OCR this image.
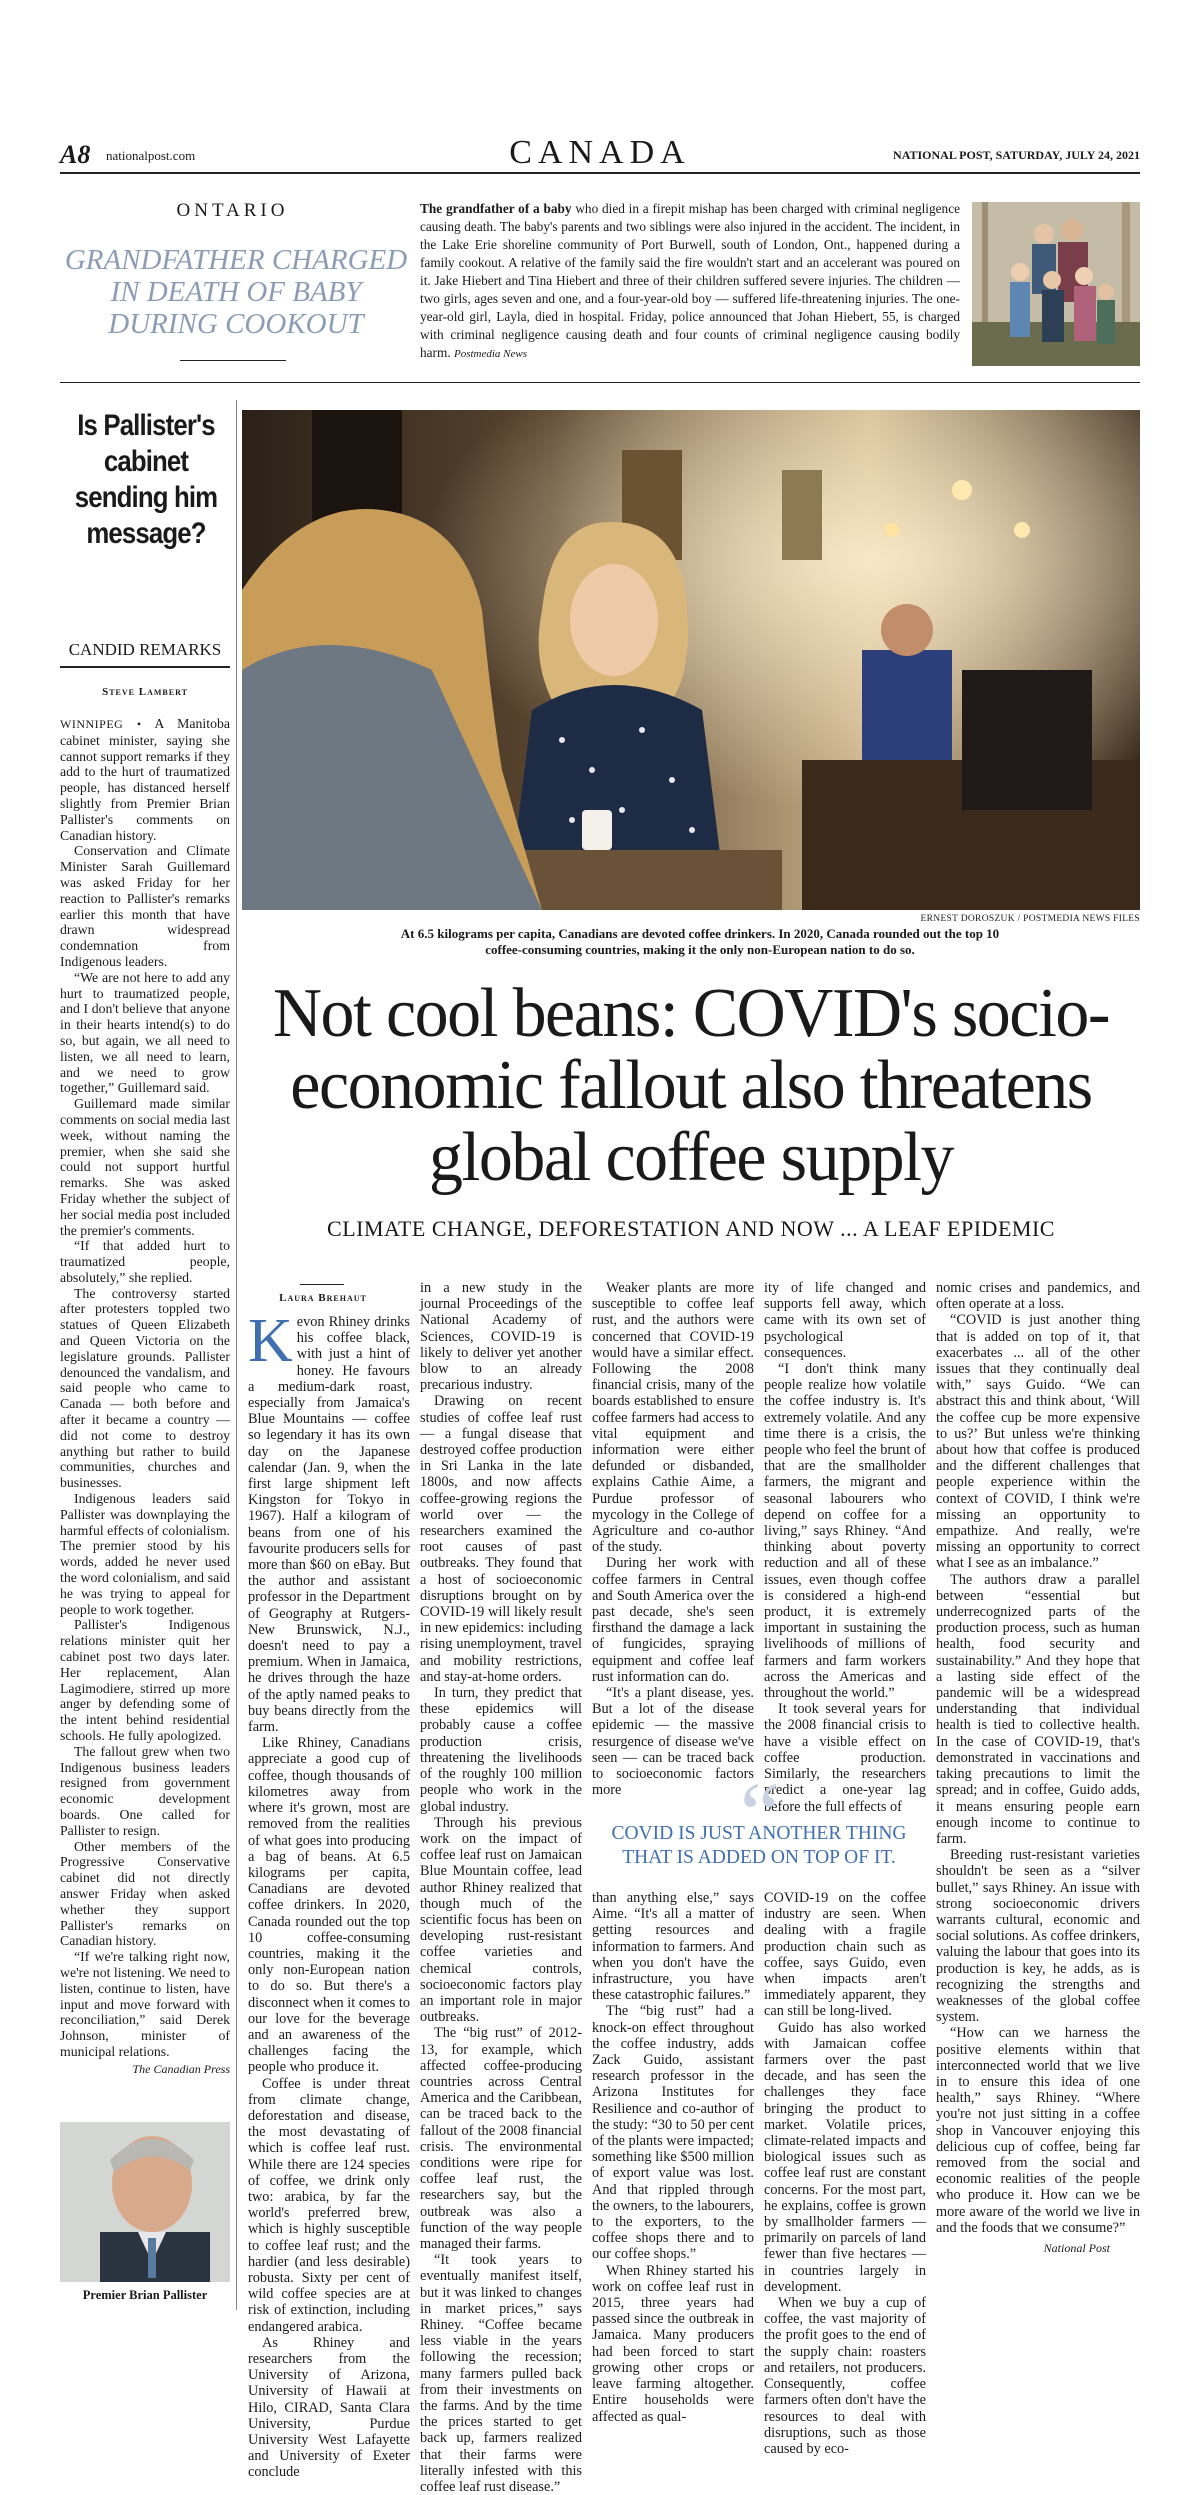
A8 nationalpost.com	CANADA	NATIONAL POST, SATURDAY, JULY 24, 2021
ONTARIO
GRANDFATHER CHARGED IN DEATH OF BABY DURING COOKOUT
The grandfather of a baby who died in a firepit mishap has been charged with criminal negligence causing death. The baby's parents and two siblings were also injured in the accident. The incident, in the Lake Erie shoreline community of Port Burwell, south of London, Ont., happened during a family cookout. A relative of the family said the fire wouldn't start and an accelerant was poured on it. Jake Hiebert and Tina Hiebert and three of their children suffered severe injuries. The children — two girls, ages seven and one, and a four-year-old boy — suffered life-threatening injuries. The one-year-old girl, Layla, died in hospital. Friday, police announced that Johan Hiebert, 55, is charged with criminal negligence causing death and four counts of criminal negligence causing bodily harm. Postmedia News
Is Pallister's cabinet sending him message?
CANDID REMARKS
Steve Lambert

WINNIPEG • A Manitoba cabinet minister, saying she cannot support remarks if they add to the hurt of traumatized people, has distanced herself slightly from Premier Brian Pallister's comments on Canadian history.

Conservation and Climate Minister Sarah Guillemard was asked Friday for her reaction to Pallister's remarks earlier this month that have drawn widespread condemnation from Indigenous leaders.

“We are not here to add any hurt to traumatized people, and I don't believe that anyone in their hearts intend(s) to do so, but again, we all need to listen, we all need to learn, and we need to grow together,” Guillemard said.

Guillemard made similar comments on social media last week, without naming the premier, when she said she could not support hurtful remarks. She was asked Friday whether the subject of her social media post included the premier's comments.

“If that added hurt to traumatized people, absolutely,” she replied.

The controversy started after protesters toppled two statues of Queen Elizabeth and Queen Victoria on the legislature grounds. Pallister denounced the vandalism, and said people who came to Canada — both before and after it became a country — did not come to destroy anything but rather to build communities, churches and businesses.

Indigenous leaders said Pallister was downplaying the harmful effects of colonialism. The premier stood by his words, added he never used the word colonialism, and said he was trying to appeal for people to work together.

Pallister's Indigenous relations minister quit her cabinet post two days later. Her replacement, Alan Lagimodiere, stirred up more anger by defending some of the intent behind residential schools. He fully apologized.

The fallout grew when two Indigenous business leaders resigned from government economic development boards. One called for Pallister to resign.

Other members of the Progressive Conservative cabinet did not directly answer Friday when asked whether they support Pallister's remarks on Canadian history.

“If we're talking right now, we're not listening. We need to listen, continue to listen, have input and move forward with reconciliation,” said Derek Johnson, minister of municipal relations.

The Canadian Press

Premier Brian Pallister
ERNEST DOROSZUK / POSTMEDIA NEWS FILES
At 6.5 kilograms per capita, Canadians are devoted coffee drinkers. In 2020, Canada rounded out the top 10 coffee-consuming countries, making it the only non-European nation to do so.
Not cool beans: COVID's socio-economic fallout also threatens global coffee supply
CLIMATE CHANGE, DEFORESTATION AND NOW ... A LEAF EPIDEMIC
Laura Brehaut

Kevon Rhiney drinks his coffee black, with just a hint of honey. He favours a medium-dark roast, especially from Jamaica's Blue Mountains — coffee so legendary it has its own day on the Japanese calendar (Jan. 9, when the first large shipment left Kingston for Tokyo in 1967). Half a kilogram of beans from one of his favourite producers sells for more than $60 on eBay. But the author and assistant professor in the Department of Geography at Rutgers-New Brunswick, N.J., doesn't need to pay a premium. When in Jamaica, he drives through the haze of the aptly named peaks to buy beans directly from the farm.

Like Rhiney, Canadians appreciate a good cup of coffee, though thousands of kilometres away from where it's grown, most are removed from the realities of what goes into producing a bag of beans. At 6.5 kilograms per capita, Canadians are devoted coffee drinkers. In 2020, Canada rounded out the top 10 coffee-consuming countries, making it the only non-European nation to do so. But there's a disconnect when it comes to our love for the beverage and an awareness of the challenges facing the people who produce it.

Coffee is under threat from climate change, deforestation and disease, the most devastating of which is coffee leaf rust. While there are 124 species of coffee, we drink only two: arabica, by far the world's preferred brew, which is highly susceptible to coffee leaf rust; and the hardier (and less desirable) robusta. Sixty per cent of wild coffee species are at risk of extinction, including endangered arabica.

As Rhiney and researchers from the University of Arizona, University of Hawaii at Hilo, CIRAD, Santa Clara University, Purdue University West Lafayette and University of Exeter conclude

in a new study in the journal Proceedings of the National Academy of Sciences, COVID-19 is likely to deliver yet another blow to an already precarious industry.

Drawing on recent studies of coffee leaf rust — a fungal disease that destroyed coffee production in Sri Lanka in the late 1800s, and now affects coffee-growing regions the world over — the researchers examined the root causes of past outbreaks. They found that a host of socioeconomic disruptions brought on by COVID-19 will likely result in new epidemics: including rising unemployment, travel and mobility restrictions, and stay-at-home orders.

In turn, they predict that these epidemics will probably cause a coffee production crisis, threatening the livelihoods of the roughly 100 million people who work in the global industry.

Through his previous work on the impact of coffee leaf rust on Jamaican Blue Mountain coffee, lead author Rhiney realized that though much of the scientific focus has been on developing rust-resistant coffee varieties and chemical controls, socioeconomic factors play an important role in major outbreaks.

The “big rust” of 2012-13, for example, which affected coffee-producing countries across Central America and the Caribbean, can be traced back to the fallout of the 2008 financial crisis. The environmental conditions were ripe for coffee leaf rust, the researchers say, but the outbreak was also a function of the way people managed their farms.

“It took years to eventually manifest itself, but it was linked to changes in market prices,” says Rhiney. “Coffee became less viable in the years following the recession; many farmers pulled back from their investments on the farms. And by the time the prices started to get back up, farmers realized that their farms were literally infested with this coffee leaf rust disease.”

Weaker plants are more susceptible to coffee leaf rust, and the authors were concerned that COVID-19 would have a similar effect. Following the 2008 financial crisis, many of the boards established to ensure coffee farmers had access to vital equipment and information were either defunded or disbanded, explains Cathie Aime, a Purdue professor of mycology in the College of Agriculture and co-author of the study.

During her work with coffee farmers in Central and South America over the past decade, she's seen firsthand the damage a lack of fungicides, spraying equipment and coffee leaf rust information can do.

“It's a plant disease, yes. But a lot of the disease epidemic — the massive resurgence of disease we've seen — can be traced back to socioeconomic factors more

ity of life changed and supports fell away, which came with its own set of psychological consequences.

“I don't think many people realize how volatile the coffee industry is. It's extremely volatile. And any time there is a crisis, the people who feel the brunt of that are the smallholder farmers, the migrant and seasonal labourers who depend on coffee for a living,” says Rhiney. “And thinking about poverty reduction and all of these issues, even though coffee is considered a high-end product, it is extremely important in sustaining the livelihoods of millions of farmers and farm workers across the Americas and throughout the world.”

It took several years for the 2008 financial crisis to have a visible effect on coffee production. Similarly, the researchers predict a one-year lag before the full effects of

“
COVID IS JUST ANOTHER THING THAT IS ADDED ON TOP OF IT.

than anything else,” says Aime. “It's all a matter of getting resources and information to farmers. And when you don't have the infrastructure, you have these catastrophic failures.”

The “big rust” had a knock-on effect throughout the coffee industry, adds Zack Guido, assistant research professor in the Arizona Institutes for Resilience and co-author of the study: “30 to 50 per cent of the plants were impacted; something like $500 million of export value was lost. And that rippled through the owners, to the labourers, to the exporters, to the coffee shops there and to our coffee shops.”

When Rhiney started his work on coffee leaf rust in 2015, three years had passed since the outbreak in Jamaica. Many producers had been forced to start growing other crops or leave farming altogether. Entire households were affected as qual-

COVID-19 on the coffee industry are seen. When dealing with a fragile production chain such as coffee, says Guido, even when impacts aren't immediately apparent, they can still be long-lived.

Guido has also worked with Jamaican coffee farmers over the past decade, and has seen the challenges they face bringing the product to market. Volatile prices, climate-related impacts and biological issues such as coffee leaf rust are constant concerns. For the most part, he explains, coffee is grown by smallholder farmers — primarily on parcels of land fewer than five hectares — in countries largely in development.

When we buy a cup of coffee, the vast majority of the profit goes to the end of the supply chain: roasters and retailers, not producers. Consequently, coffee farmers often don't have the resources to deal with disruptions, such as those caused by eco-

nomic crises and pandemics, and often operate at a loss.

“COVID is just another thing that is added on top of it, that exacerbates ... all of the other issues that they continually deal with,” says Guido. “We can abstract this and think about, ‘Will the coffee cup be more expensive to us?’ But unless we're thinking about how that coffee is produced and the different challenges that people experience within the context of COVID, I think we're missing an opportunity to empathize. And really, we're missing an opportunity to correct what I see as an imbalance.”

The authors draw a parallel between “essential but underrecognized parts of the production process, such as human health, food security and sustainability.” And they hope that a lasting side effect of the pandemic will be a widespread understanding that individual health is tied to collective health. In the case of COVID-19, that's demonstrated in vaccinations and taking precautions to limit the spread; and in coffee, Guido adds, it means ensuring people earn enough income to continue to farm.

Breeding rust-resistant varieties shouldn't be seen as a “silver bullet,” says Rhiney. An issue with strong socioeconomic drivers warrants cultural, economic and social solutions. As coffee drinkers, valuing the labour that goes into its production is key, he adds, as is recognizing the strengths and weaknesses of the global coffee system.

“How can we harness the positive elements within that interconnected world that we live in to ensure this idea of one health,” says Rhiney. “Where you're not just sitting in a coffee shop in Vancouver enjoying this delicious cup of coffee, being far removed from the social and economic realities of the people who produce it. How can we be more aware of the world we live in and the foods that we consume?”

National Post
